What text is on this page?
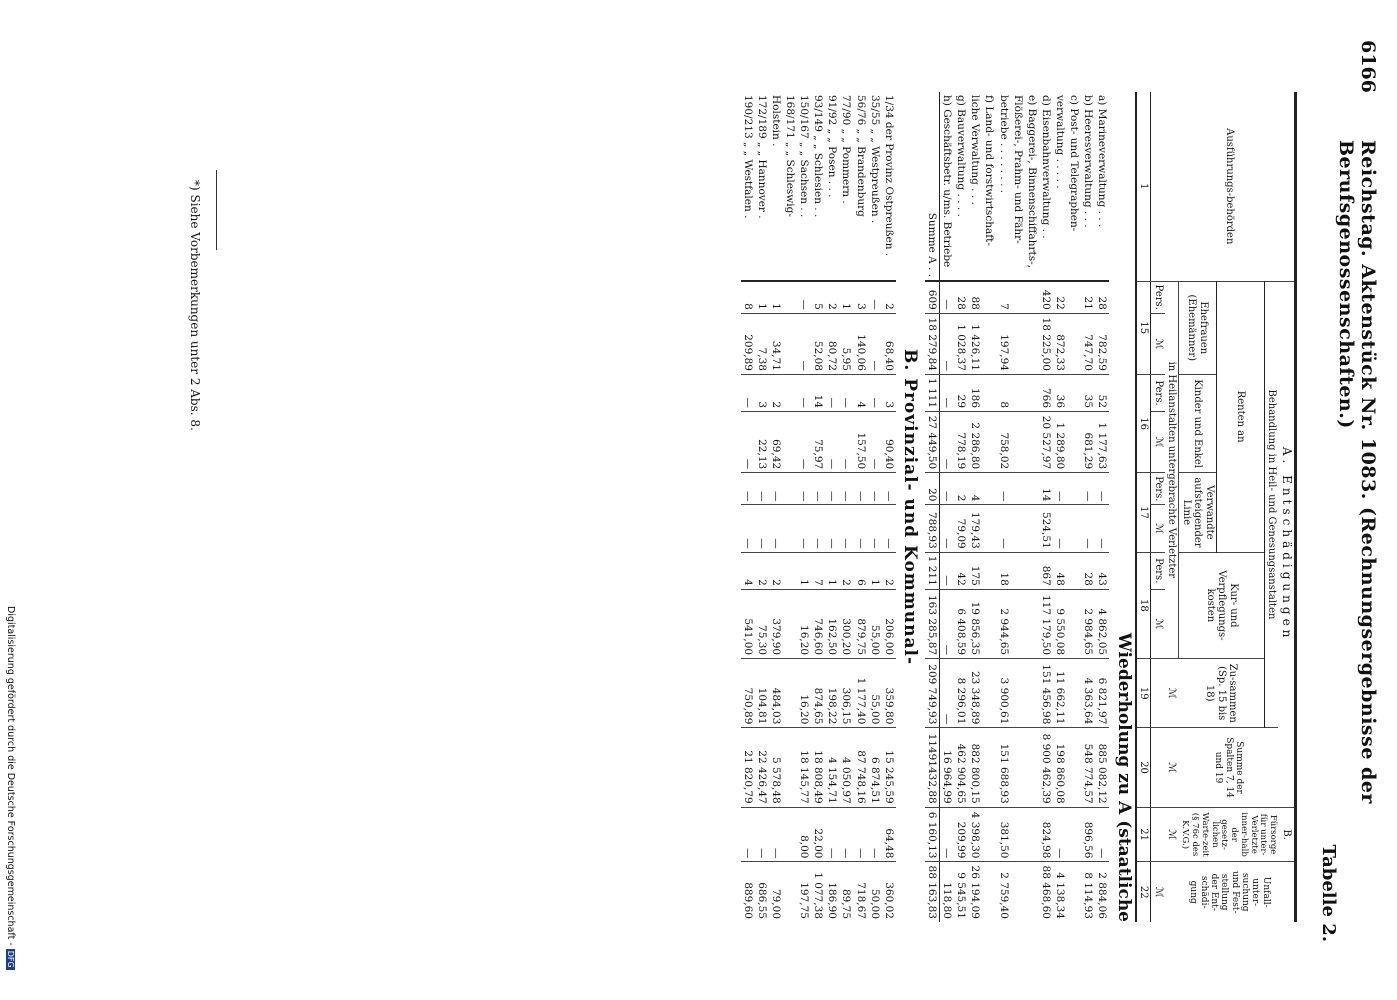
6166
Reichstag. Aktenstück Nr. 1083. (Rechnungsergebnisse der Berufsgenossenschaften.)
Tabelle 2.
Ausführungs-behörden	A. Entschädigungen										B.	Unfall-unter-suchung und Fest-stellung der Ent-schädi-gung
	Behandlung in Heil- und Genesungsanstalten									Summe der Spalten 7, 14 und 19	Fürsorge für unter-Verletzte inner-halb der gesetz-lichen Warte-zeit (§ 76c des K.V.G.)	
	Renten an						Kur- und Verpflegungs-kosten		Zu-sammen (Sp. 15 bis 18)			
	Ehefrauen (Ehemänner)		Kinder und Enkel		Verwandte aufsteigender Linie							
	in Heilanstalten untergebrachte Verletzter								ℳ	ℳ	ℳ	
	Pers.	ℳ	Pers.	ℳ	Pers.	ℳ	Pers.	ℳ				ℳ
1	15		16		17		18		19	20	21	22
Wiederholung zu A (staatliche												
a) Marineverwaltung . . .	28	782,59	52	1 177,63	—	—	43	4 862,05	6 821,97	885 082,12	—	2 884,06
b) Heeresverwaltung . . .	21	747,70	35	681,29	—	—	28	2 984,65	4 363,64	548 774,57	896,56	8 114,93
c) Post- und Telegraphen-												
verwaltung . . . . .	22	872,33	36	1 289,80	—	—	48	9 550,08	11 662,11	198 860,08	—	4 138,34
d) Eisenbahnverwaltung . .	420	18 225,00	766	20 527,97	14	524,51	867	117 179,50	151 456,98	8 900 462,39	824,98	88 468,60
e) Baggerei-, Binnenschiffahrts-,												
Flößerei-, Prahm- und Fähr-												
betriebe . . . . . . . .	7	197,94	8	758,02	—	—	18	2 944,65	3 900,61	151 688,93	381,50	2 759,40
f) Land- und forstwirtschaft-												
liche Verwaltung . . .	88	1 426,11	186	2 286,80	4	179,43	175	19 856,35	23 348,89	882 800,15	4 398,30	26 194,09
g) Bauverwaltung . . . .	28	1 028,37	29	778,19	2	79,09	42	6 408,59	8 296,01	462 904,65	209,99	9 545,51
h) Geschäftsbetr. u/ms. Betriebe	—	—	—	—	—	—	—	—	—	16 964,99	—	118,80
Summe A . .	609	18 279,84	1 111	27 449,50	20	788,93	1 211	163 285,87	209 749,93	11491432,88	6 160,13	88 163,83
B. Provinzial- und Kommunal-												
1/34 der Provinz Ostpreußen .	2	68,40	3	90,40	—	—	2	206,00	359,80	15 245,59	64,48	360,02
35/55 „ „ Westpreußen .	—	—	—	—	—	—	1	55,00	55,00	6 874,51	—	50,00
56/76 „ „ Brandenburg	3	140,06	4	157,50	—	—	6	879,75	1 177,40	87 748,16	—	718,67
77/90 „ „ Pommern .	1	5,95	—	—	—	—	2	300,20	306,15	4 050,97	—	89,75
91/92 „ „ Posen . . .	2	80,72	—	—	—	—	1	162,50	198,22	4 154,71	—	186,90
93/149 „ „ Schlesien . .	5	52,08	14	75,97	—	—	7	746,60	874,65	18 808,49	22,00	1 077,38
150/167 „ „ Sachsen . .	—	—	—	—	—	—	1	16,20	16,20	18 145,77	8,00	197,75
168/171 „ „ Schleswig-												
Holstein .	1	34,71	2	69,42	—	—	2	379,90	484,03	5 578,48	—	79,00
172/189 „ „ Hannover .	1	7,38	3	22,13	—	—	2	75,30	104,81	22 426,47	—	686,55
190/213 „ „ Westfalen .	8	209,89	—	—	—	—	4	541,00	750,89	21 820,79	—	889,60
*) Siehe Vorbemerkungen unter 2 Abs. 8.
Digitalisierung gefördert durch die Deutsche Forschungsgemeinschaft -DFG
